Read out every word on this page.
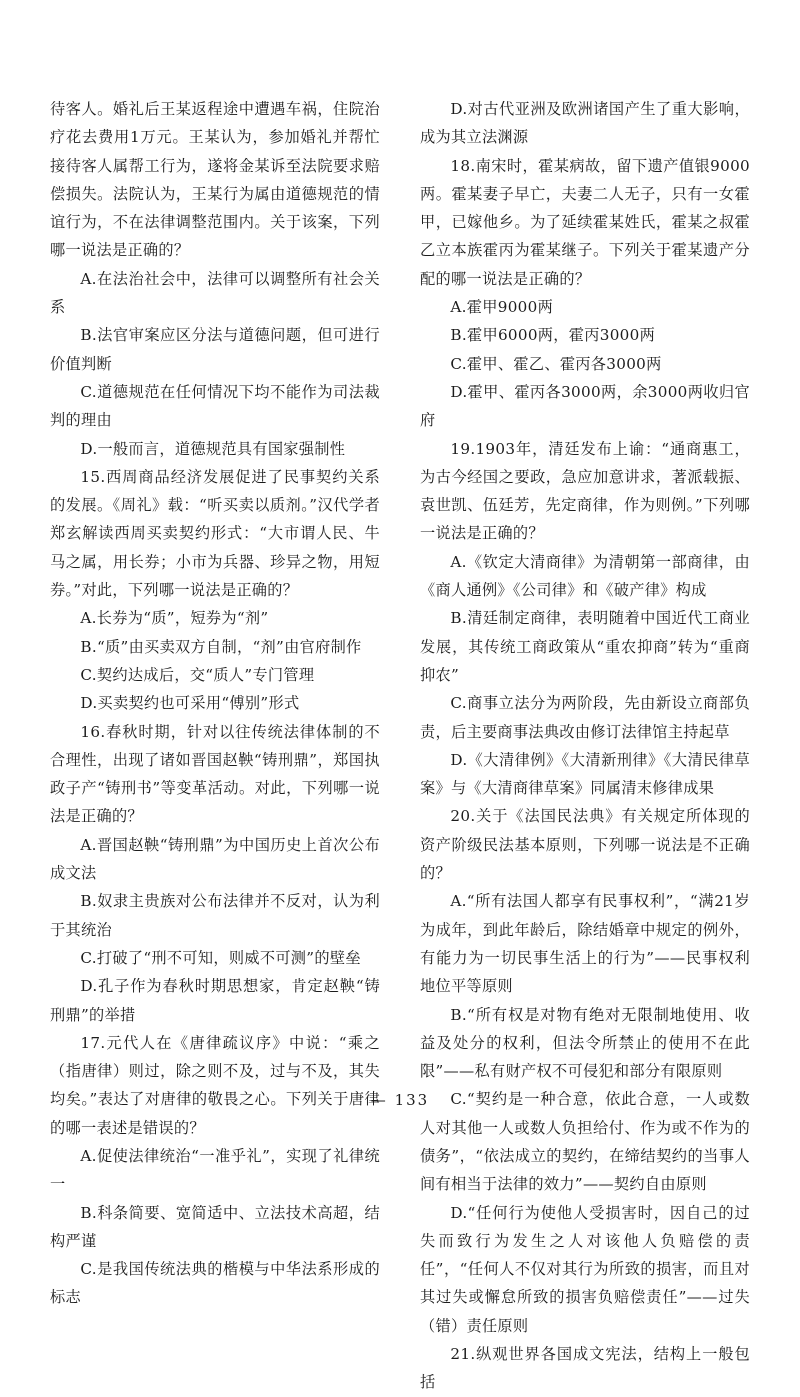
待客人。婚礼后王某返程途中遭遇车祸，住院治疗花去费用1万元。王某认为，参加婚礼并帮忙接待客人属帮工行为，遂将金某诉至法院要求赔偿损失。法院认为，王某行为属由道德规范的情谊行为，不在法律调整范围内。关于该案，下列哪一说法是正确的？

A.在法治社会中，法律可以调整所有社会关系

B.法官审案应区分法与道德问题，但可进行价值判断

C.道德规范在任何情况下均不能作为司法裁判的理由

D.一般而言，道德规范具有国家强制性

15.西周商品经济发展促进了民事契约关系的发展。《周礼》载：“听买卖以质剂。”汉代学者郑玄解读西周买卖契约形式：“大市谓人民、牛马之属，用长券；小市为兵器、珍异之物，用短券。”对此，下列哪一说法是正确的？

A.长券为“质”，短券为“剂”

B.“质”由买卖双方自制，“剂”由官府制作

C.契约达成后，交“质人”专门管理

D.买卖契约也可采用“傅别”形式

16.春秋时期，针对以往传统法律体制的不合理性，出现了诸如晋国赵鞅“铸刑鼎”，郑国执政子产“铸刑书”等变革活动。对此，下列哪一说法是正确的？

A.晋国赵鞅“铸刑鼎”为中国历史上首次公布成文法

B.奴隶主贵族对公布法律并不反对，认为利于其统治

C.打破了“刑不可知，则威不可测”的壁垒

D.孔子作为春秋时期思想家，肯定赵鞅“铸刑鼎”的举措

17.元代人在《唐律疏议序》中说：“乘之（指唐律）则过，除之则不及，过与不及，其失均矣。”表达了对唐律的敬畏之心。下列关于唐律的哪一表述是错误的？

A.促使法律统治“一准乎礼”，实现了礼律统一

B.科条简要、宽简适中、立法技术高超，结构严谨

C.是我国传统法典的楷模与中华法系形成的标志

D.对古代亚洲及欧洲诸国产生了重大影响，成为其立法渊源

18.南宋时，霍某病故，留下遗产值银9000两。霍某妻子早亡，夫妻二人无子，只有一女霍甲，已嫁他乡。为了延续霍某姓氏，霍某之叔霍乙立本族霍丙为霍某继子。下列关于霍某遗产分配的哪一说法是正确的？

A.霍甲9000两

B.霍甲6000两，霍丙3000两

C.霍甲、霍乙、霍丙各3000两

D.霍甲、霍丙各3000两，余3000两收归官府

19.1903年，清廷发布上谕：“通商惠工，为古今经国之要政，急应加意讲求，著派载振、袁世凯、伍廷芳，先定商律，作为则例。”下列哪一说法是正确的？

A.《钦定大清商律》为清朝第一部商律，由《商人通例》《公司律》和《破产律》构成

B.清廷制定商律，表明随着中国近代工商业发展，其传统工商政策从“重农抑商”转为“重商抑农”

C.商事立法分为两阶段，先由新设立商部负责，后主要商事法典改由修订法律馆主持起草

D.《大清律例》《大清新刑律》《大清民律草案》与《大清商律草案》同属清末修律成果

20.关于《法国民法典》有关规定所体现的资产阶级民法基本原则，下列哪一说法是不正确的？

A.“所有法国人都享有民事权利”，“满21岁为成年，到此年龄后，除结婚章中规定的例外，有能力为一切民事生活上的行为”——民事权利地位平等原则

B.“所有权是对物有绝对无限制地使用、收益及处分的权利，但法令所禁止的使用不在此限”——私有财产权不可侵犯和部分有限原则

C.“契约是一种合意，依此合意，一人或数人对其他一人或数人负担给付、作为或不作为的债务”，“依法成立的契约，在缔结契约的当事人间有相当于法律的效力”——契约自由原则

D.“任何行为使他人受损害时，因自己的过失而致行为发生之人对该他人负赔偿的责任”，“任何人不仅对其行为所致的损害，而且对其过失或懈怠所致的损害负赔偿责任”——过失（错）责任原则

21.纵观世界各国成文宪法，结构上一般包括

— 133
